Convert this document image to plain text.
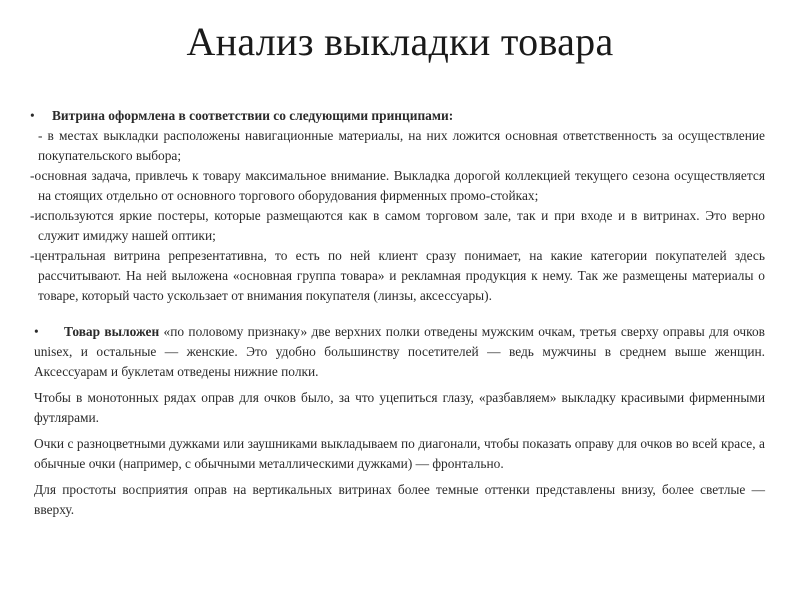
Анализ выкладки товара
• Витрина оформлена в соответствии со следующими принципами:
- в местах выкладки расположены навигационные материалы, на них ложится основная ответственность за осуществление покупательского выбора;
-основная задача, привлечь к товару максимальное внимание. Выкладка дорогой коллекцией текущего сезона осуществляется на стоящих отдельно от основного торгового оборудования фирменных промо-стойках;
-используются яркие постеры, которые размещаются как в самом торговом зале, так и при входе и в витринах. Это верно служит имиджу нашей оптики;
-центральная витрина репрезентативна, то есть по ней клиент сразу понимает, на какие категории покупателей здесь рассчитывают. На ней выложена «основная группа товара» и рекламная продукция к нему. Так же размещены материалы о товаре, который часто ускользает от внимания покупателя (линзы, аксессуары).
• Товар выложен «по половому признаку» две верхних полки отведены мужским очкам, третья сверху оправы для очков unisex, и остальные — женские. Это удобно большинству посетителей — ведь мужчины в среднем выше женщин. Аксессуарам и буклетам отведены нижние полки.
Чтобы в монотонных рядах оправ для очков было, за что уцепиться глазу, «разбавляем» выкладку красивыми фирменными футлярами.
Очки с разноцветными дужками или заушниками выкладываем по диагонали, чтобы показать оправу для очков во всей красе, а обычные очки (например, с обычными металлическими дужками) — фронтально.
Для простоты восприятия оправ на вертикальных витринах более темные оттенки представлены внизу, более светлые — вверху.
